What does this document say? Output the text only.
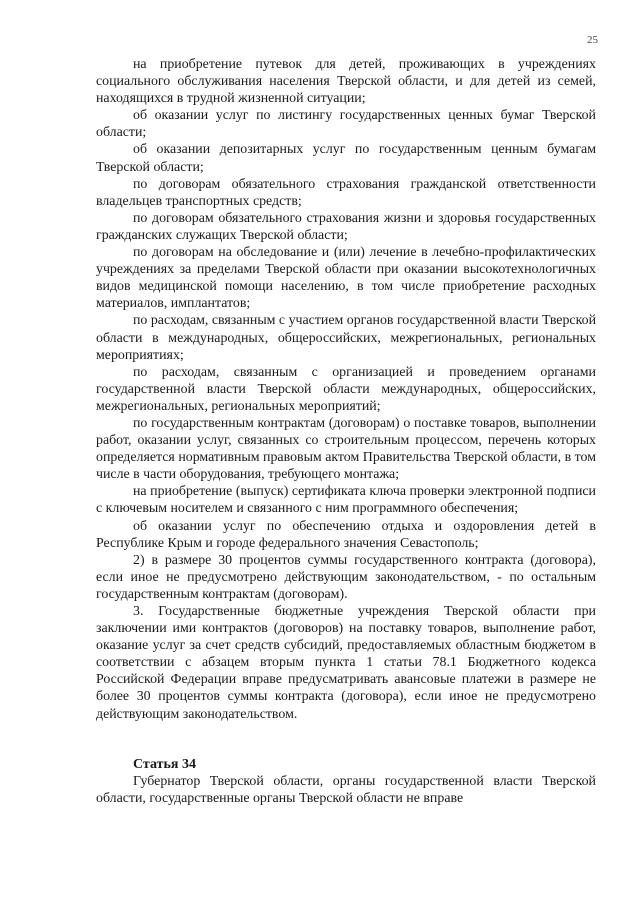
25

на приобретение путевок для детей, проживающих в учреждениях социального обслуживания населения Тверской области, и для детей из семей, находящихся в трудной жизненной ситуации;

об оказании услуг по листингу государственных ценных бумаг Тверской области;

об оказании депозитарных услуг по государственным ценным бумагам Тверской области;

по договорам обязательного страхования гражданской ответственности владельцев транспортных средств;

по договорам обязательного страхования жизни и здоровья государственных гражданских служащих Тверской области;

по договорам на обследование и (или) лечение в лечебно-профилактических учреждениях за пределами Тверской области при оказании высокотехнологичных видов медицинской помощи населению, в том числе приобретение расходных материалов, имплантатов;

по расходам, связанным с участием органов государственной власти Тверской области в международных, общероссийских, межрегиональных, региональных мероприятиях;

по расходам, связанным с организацией и проведением органами государственной власти Тверской области международных, общероссийских, межрегиональных, региональных мероприятий;

по государственным контрактам (договорам) о поставке товаров, выполнении работ, оказании услуг, связанных со строительным процессом, перечень которых определяется нормативным правовым актом Правительства Тверской области, в том числе в части оборудования, требующего монтажа;

на приобретение (выпуск) сертификата ключа проверки электронной подписи с ключевым носителем и связанного с ним программного обеспечения;

об оказании услуг по обеспечению отдыха и оздоровления детей в Республике Крым и городе федерального значения Севастополь;

2) в размере 30 процентов суммы государственного контракта (договора), если иное не предусмотрено действующим законодательством, - по остальным государственным контрактам (договорам).

3. Государственные бюджетные учреждения Тверской области при заключении ими контрактов (договоров) на поставку товаров, выполнение работ, оказание услуг за счет средств субсидий, предоставляемых областным бюджетом в соответствии с абзацем вторым пункта 1 статьи 78.1 Бюджетного кодекса Российской Федерации вправе предусматривать авансовые платежи в размере не более 30 процентов суммы контракта (договора), если иное не предусмотрено действующим законодательством.

Статья 34

Губернатор Тверской области, органы государственной власти Тверской области, государственные органы Тверской области не вправе
